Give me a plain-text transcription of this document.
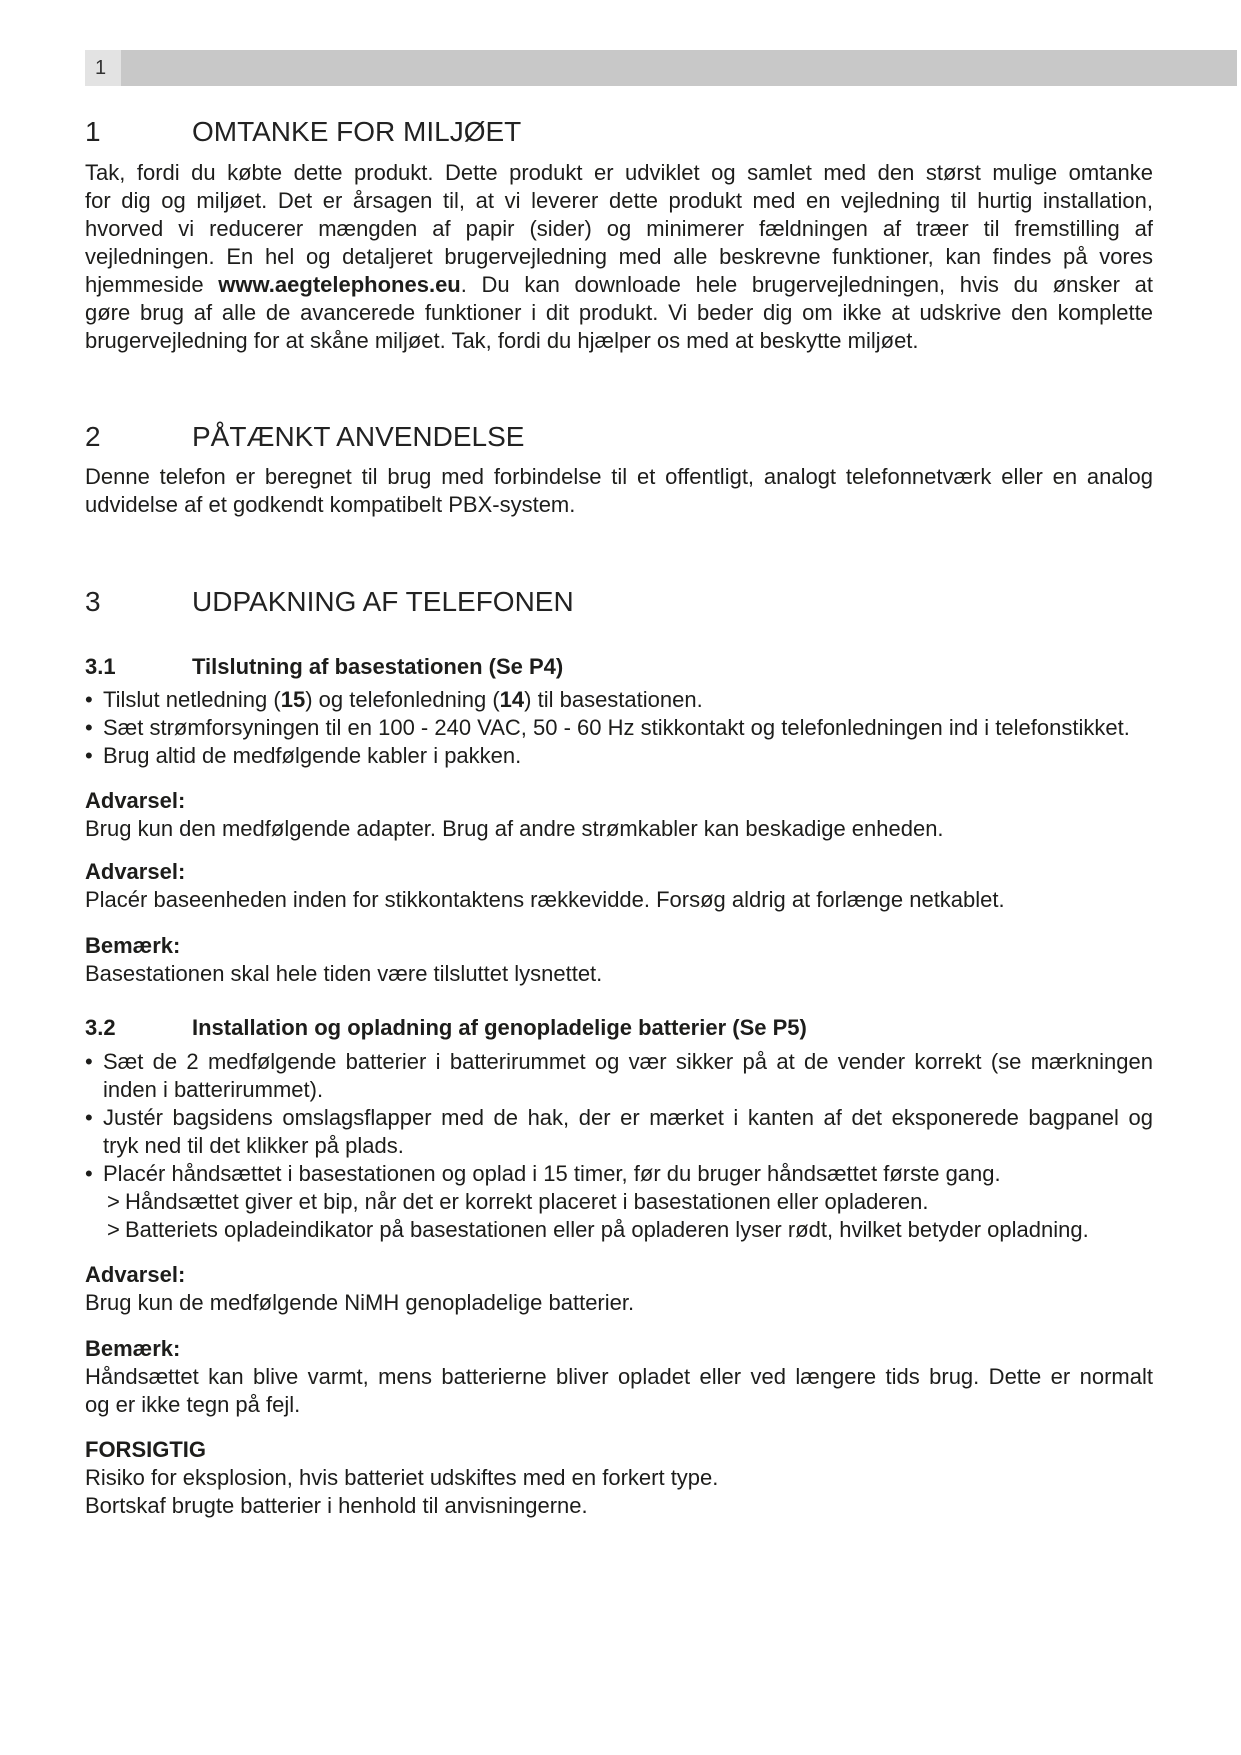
1
1	OMTANKE FOR MILJØET
Tak, fordi du købte dette produkt. Dette produkt er udviklet og samlet med den størst mulige omtanke
for dig og miljøet. Det er årsagen til, at vi leverer dette produkt med en vejledning til hurtig installation,
hvorved vi reducerer mængden af papir (sider) og minimerer fældningen af træer til fremstilling af
vejledningen. En hel og detaljeret brugervejledning med alle beskrevne funktioner, kan findes på vores
hjemmeside www.aegtelephones.eu. Du kan downloade hele brugervejledningen, hvis du ønsker at
gøre brug af alle de avancerede funktioner i dit produkt. Vi beder dig om ikke at udskrive den komplette
brugervejledning for at skåne miljøet. Tak, fordi du hjælper os med at beskytte miljøet.
2	PÅTÆNKT ANVENDELSE
Denne telefon er beregnet til brug med forbindelse til et offentligt, analogt telefonnetværk eller en analog
udvidelse af et godkendt kompatibelt PBX-system.
3	UDPAKNING AF TELEFONEN
3.1	Tilslutning af basestationen (Se P4)
• Tilslut netledning (15) og telefonledning (14) til basestationen.
• Sæt strømforsyningen til en 100 - 240 VAC, 50 - 60 Hz stikkontakt og telefonledningen ind i telefonstikket.
• Brug altid de medfølgende kabler i pakken.
Advarsel:
Brug kun den medfølgende adapter. Brug af andre strømkabler kan beskadige enheden.
Advarsel:
Placér baseenheden inden for stikkontaktens rækkevidde. Forsøg aldrig at forlænge netkablet.
Bemærk:
Basestationen skal hele tiden være tilsluttet lysnettet.
3.2	Installation og opladning af genopladelige batterier (Se P5)
• Sæt de 2 medfølgende batterier i batterirummet og vær sikker på at de vender korrekt (se mærkningen
inden i batterirummet).
• Justér bagsidens omslagsflapper med de hak, der er mærket i kanten af det eksponerede bagpanel og
tryk ned til det klikker på plads.
• Placér håndsættet i basestationen og oplad i 15 timer, før du bruger håndsættet første gang.
> Håndsættet giver et bip, når det er korrekt placeret i basestationen eller opladeren.
> Batteriets opladeindikator på basestationen eller på opladeren lyser rødt, hvilket betyder opladning.
Advarsel:
Brug kun de medfølgende NiMH genopladelige batterier.
Bemærk:
Håndsættet kan blive varmt, mens batterierne bliver opladet eller ved længere tids brug. Dette er normalt
og er ikke tegn på fejl.
FORSIGTIG
Risiko for eksplosion, hvis batteriet udskiftes med en forkert type.
Bortskaf brugte batterier i henhold til anvisningerne.
